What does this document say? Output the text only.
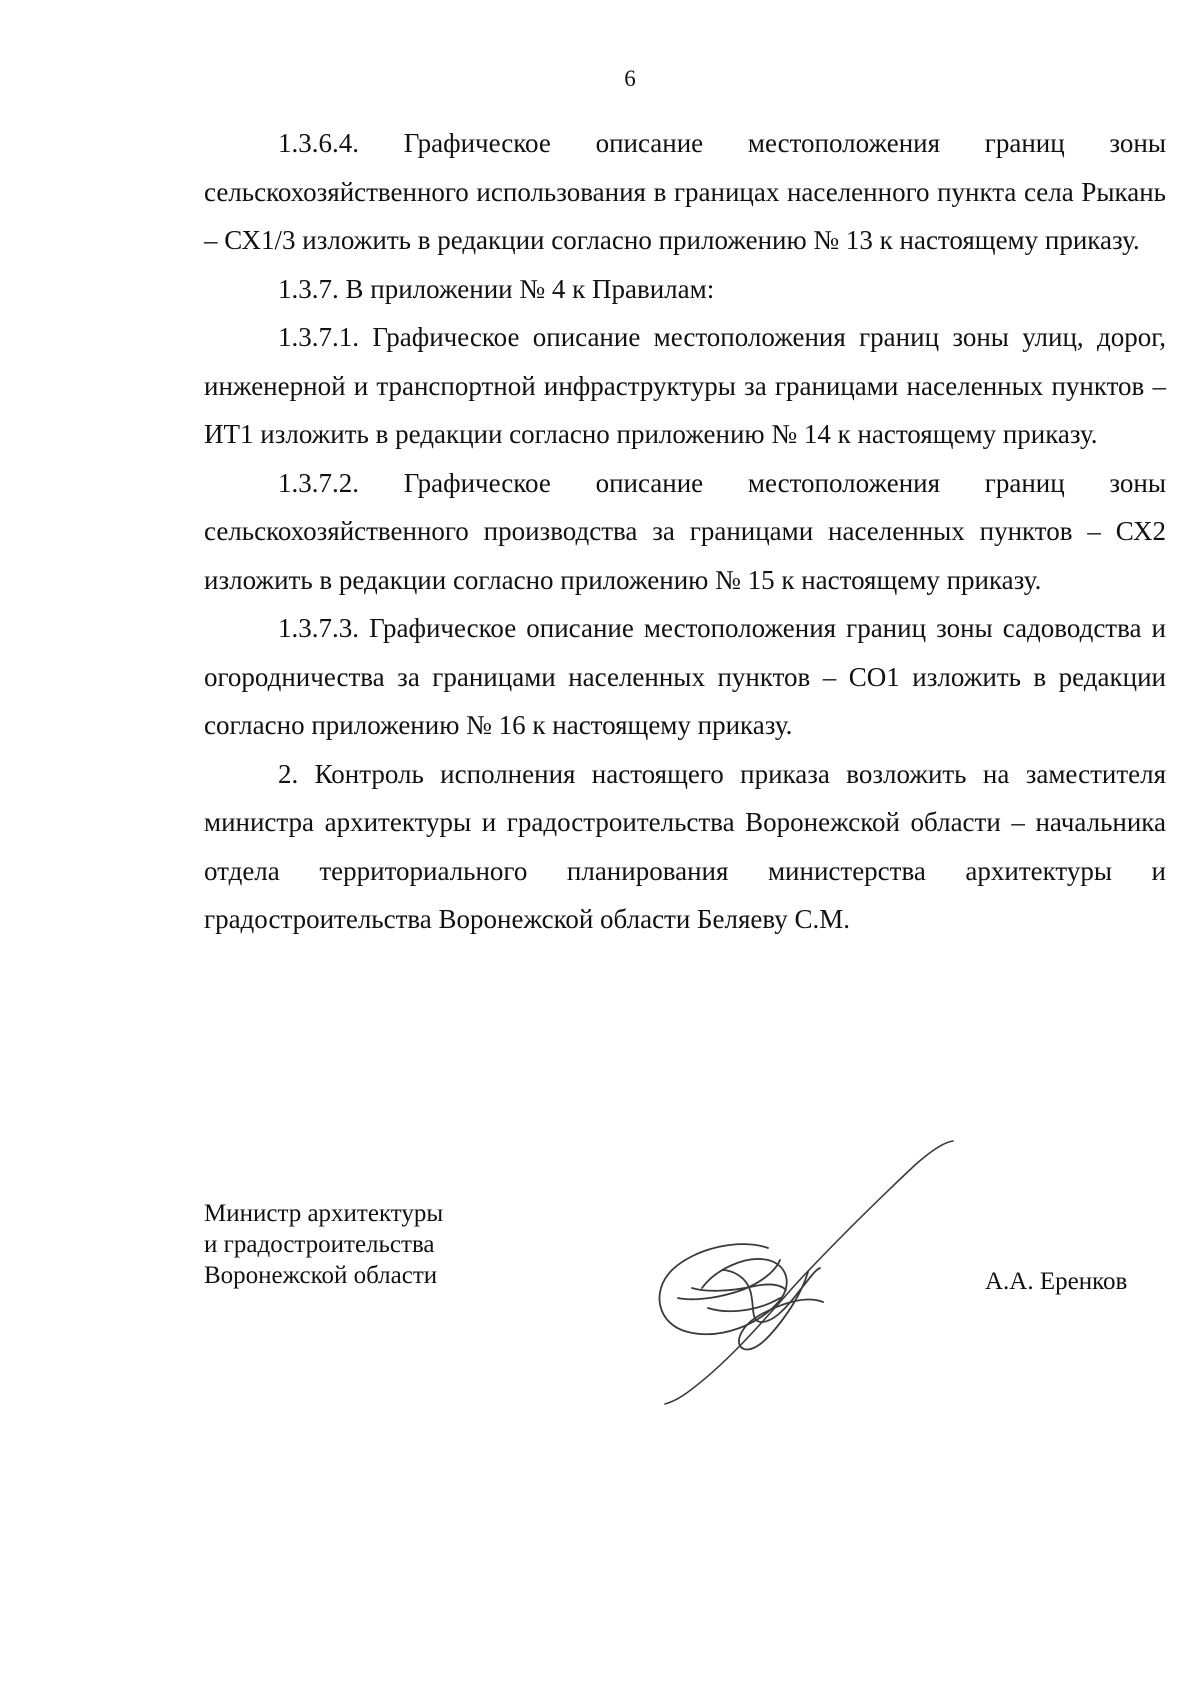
6

1.3.6.4. Графическое описание местоположения границ зоны сельскохозяйственного использования в границах населенного пункта села Рыкань – СХ1/3 изложить в редакции согласно приложению № 13 к настоящему приказу.

1.3.7. В приложении № 4 к Правилам:

1.3.7.1. Графическое описание местоположения границ зоны улиц, дорог, инженерной и транспортной инфраструктуры за границами населенных пунктов – ИТ1 изложить в редакции согласно приложению № 14 к настоящему приказу.

1.3.7.2. Графическое описание местоположения границ зоны сельскохозяйственного производства за границами населенных пунктов – СХ2 изложить в редакции согласно приложению № 15 к настоящему приказу.

1.3.7.3. Графическое описание местоположения границ зоны садоводства и огородничества за границами населенных пунктов – СО1 изложить в редакции согласно приложению № 16 к настоящему приказу.

2. Контроль исполнения настоящего приказа возложить на заместителя министра архитектуры и градостроительства Воронежской области – начальника отдела территориального планирования министерства архитектуры и градостроительства Воронежской области Беляеву С.М.

Министр архитектуры
и градостроительства
Воронежской области	А.А. Еренков
